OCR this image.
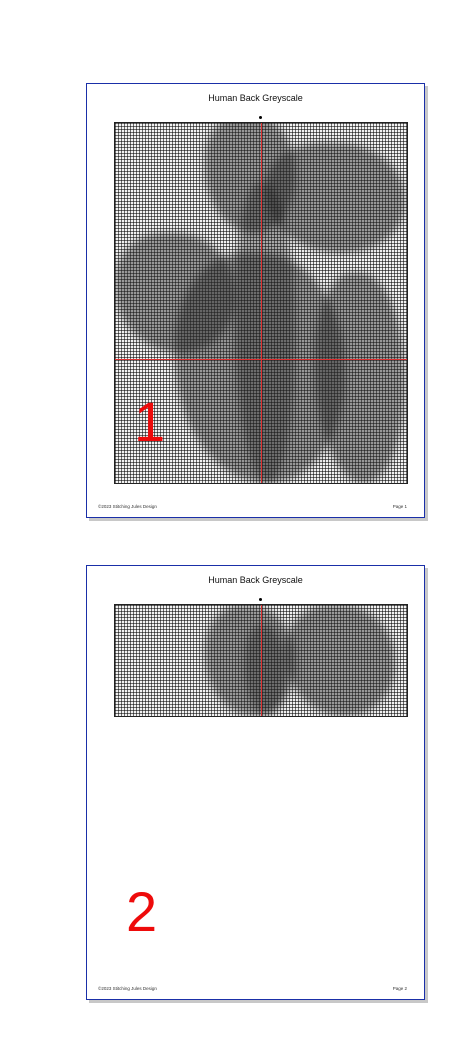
Human Back Greyscale
1
©2023 Stitching Jules Design	Page 1
Human Back Greyscale
2
©2023 Stitching Jules Design	Page 2
